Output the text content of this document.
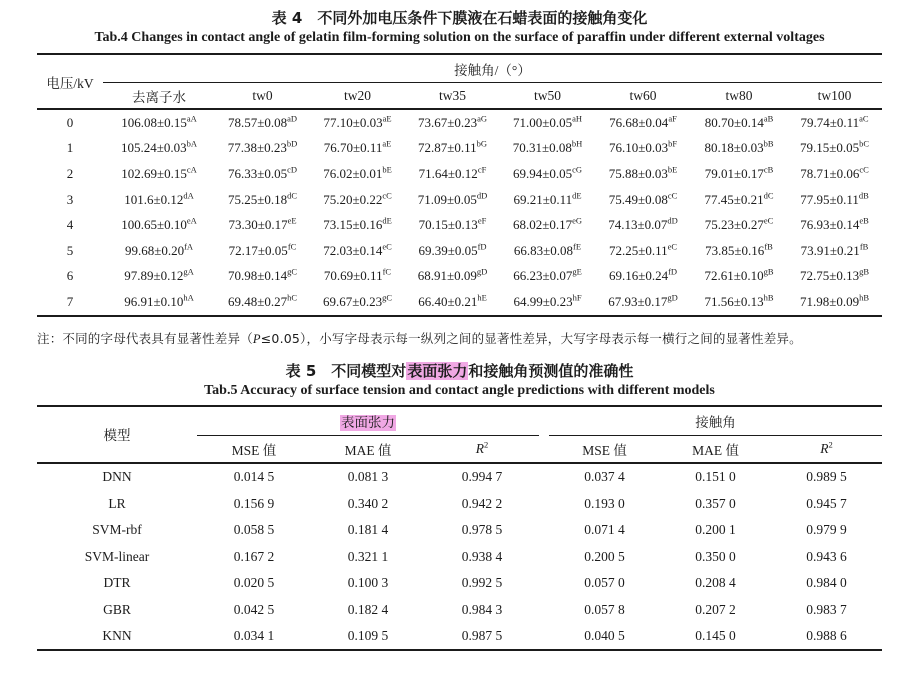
表 4　不同外加电压条件下膜液在石蜡表面的接触角变化
Tab.4 Changes in contact angle of gelatin film-forming solution on the surface of paraffin under different external voltages
电压/kV	接触角/（°）							
	去离子水	tw0	tw20	tw35	tw50	tw60	tw80	tw100
0	$106.08\pm 0.15^{aA}$	$78.57\pm 0.08^{aD}$	$77.10\pm 0.03^{aE}$	$73.67\pm 0.23^{aG}$	$71.00\pm 0.05^{aH}$	$76.68\pm 0.04^{aF}$	$80.70\pm 0.14^{aB}$	$79.74\pm 0.11^{aC}$
1	$105.24\pm 0.03^{bA}$	$77.38\pm 0.23^{bD}$	$76.70\pm 0.11^{aE}$	$72.87\pm 0.11^{bG}$	$70.31\pm 0.08^{bH}$	$76.10\pm 0.03^{bF}$	$80.18\pm 0.03^{bB}$	$79.15\pm 0.05^{bC}$
2	$102.69\pm 0.15^{cA}$	$76.33\pm 0.05^{cD}$	$76.02\pm 0.01^{bE}$	$71.64\pm 0.12^{cF}$	$69.94\pm 0.05^{cG}$	$75.88\pm 0.03^{bE}$	$79.01\pm 0.17^{cB}$	$78.71\pm 0.06^{cC}$
3	$101.6\pm 0.12^{dA}$	$75.25\pm 0.18^{dC}$	$75.20\pm 0.22^{cC}$	$71.09\pm 0.05^{dD}$	69.21±0.11dE	$75.49\pm 0.08^{cC}$	$77.45\pm 0.21^{dC}$	$77.95\pm 0.11^{dB}$
4	$100.65\pm 0.10^{eA}$	$73.30\pm 0.17^{eE}$	73.15±0.16dE	$70.15\pm 0.13^{eF}$	$68.02\pm 0.17^{eG}$	$74.13\pm 0.07^{dD}$	$75.23\pm 0.27^{eC}$	$76.93\pm 0.14^{eB}$
5	$99.68\pm 0.20^{fA}$	$72.17\pm 0.05^{fC}$	$72.03\pm 0.14^{eC}$	$69.39\pm 0.05^{fD}$	$66.83\pm 0.08^{fE}$	$72.25\pm 0.11^{eC}$	$73.85\pm 0.16^{fB}$	$73.91\pm 0.21^{fB}$
6	$97.89\pm 0.12^{gA}$	$70.98\pm 0.14^{gC}$	$70.69\pm 0.11^{fC}$	$68.91\pm 0.09^{gD}$	$66.23\pm 0.07^{gE}$	$69.16\pm 0.24^{fD}$	$72.61\pm 0.10^{gB}$	$72.75\pm 0.13^{gB}$
7	$96.91\pm 0.10^{hA}$	$69.48\pm 0.27^{hC}$	$69.67\pm 0.23^{gC}$	$66.40\pm 0.21^{hE}$	$64.99\pm 0.23^{hF}$	$67.93\pm 0.17^{gD}$	$71.56\pm 0.13^{hB}$	$71.98\pm 0.09^{hB}$
注：不同的字母代表具有显著性差异（P≤0.05），小写字母表示每一纵列之间的显著性差异，大写字母表示每一横行之间的显著性差异。
表 5　不同模型对表面张力和接触角预测值的准确性
Tab.5 Accuracy of surface tension and contact angle predictions with different models
模型	表面张力				接触角		
	MSE 值	MAE 值	$R^2$		MSE 值	MAE 值	$R^2$
DNN	0.014 5	0.081 3	0.994 7		0.037 4	0.151 0	0.989 5
LR	0.156 9	0.340 2	0.942 2		0.193 0	0.357 0	0.945 7
SVM-rbf	0.058 5	0.181 4	0.978 5		0.071 4	0.200 1	0.979 9
SVM-linear	0.167 2	0.321 1	0.938 4		0.200 5	0.350 0	0.943 6
DTR	0.020 5	0.100 3	0.992 5		0.057 0	0.208 4	0.984 0
GBR	0.042 5	0.182 4	0.984 3		0.057 8	0.207 2	0.983 7
KNN	0.034 1	0.109 5	0.987 5		0.040 5	0.145 0	0.988 6
